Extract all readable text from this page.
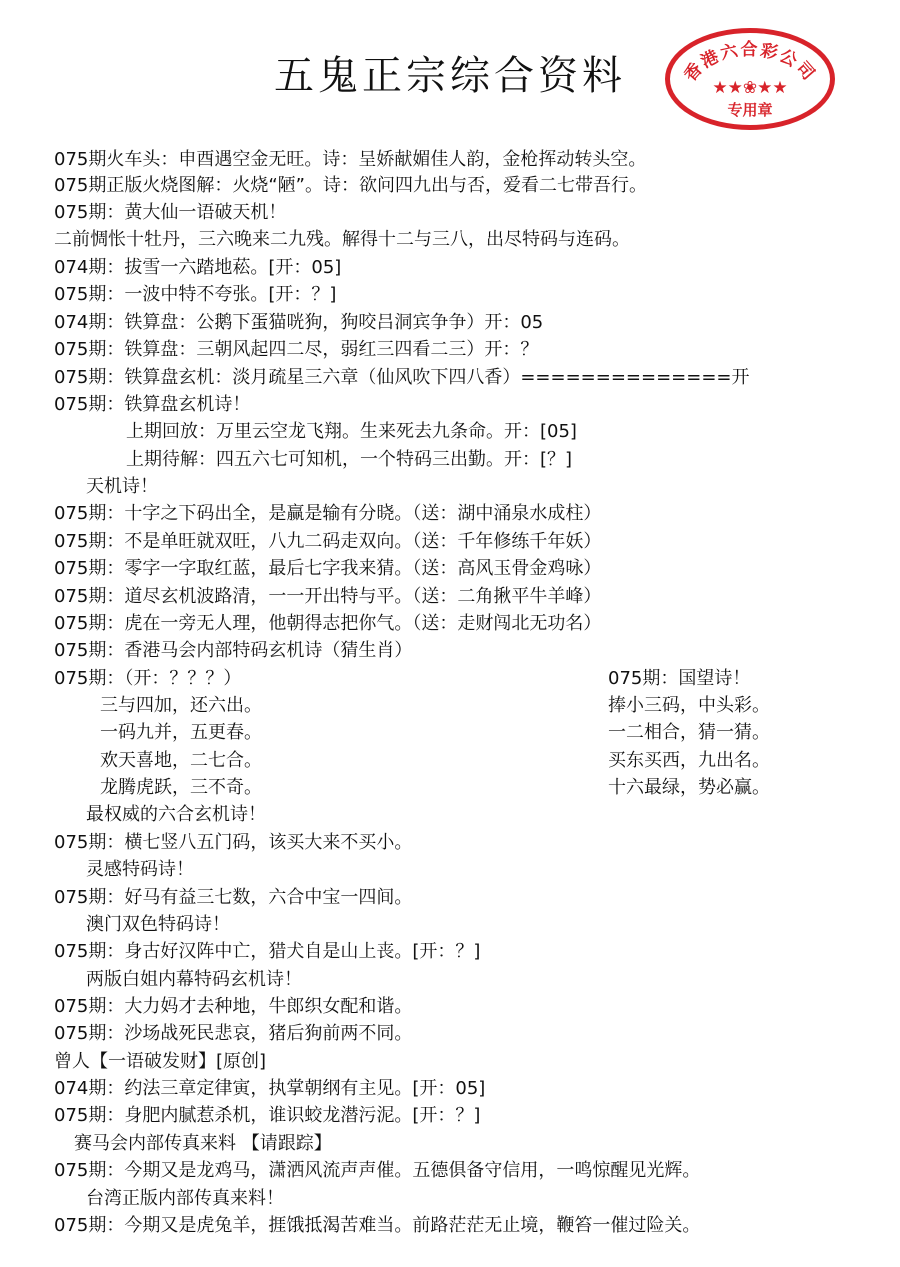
五鬼正宗综合资料	香港六合彩公司
★★❀★★
专用章
075期火车头：申酉遇空金无旺。诗：呈娇献媚佳人韵，金枪挥动转头空。
075期正版火烧图解：火烧“陋”。诗：欲问四九出与否，爱看二七带吾行。
075期：黄大仙一语破天机！
二前惆怅十牡丹，三六晚来二九残。解得十二与三八，出尽特码与连码。
074期：拔雪一六踏地菘。[开：05]
075期：一波中特不夸张。[开：？]
074期：铁算盘：公鹅下蛋猫咣狗，狗咬吕洞宾争争）开：05
075期：铁算盘：三朝风起四二尽，弱红三四看二三）开：？
075期：铁算盘玄机：淡月疏星三六章（仙风吹下四八香）==============开
075期：铁算盘玄机诗！
上期回放：万里云空龙飞翔。生来死去九条命。开：[05]
上期待解：四五六七可知机，一个特码三出勤。开：[？]
天机诗！
075期：十字之下码出全，是赢是输有分晓。（送：湖中涌泉水成柱）
075期：不是单旺就双旺，八九二码走双向。（送：千年修练千年妖）
075期：零字一字取红蓝，最后七字我来猜。（送：高风玉骨金鸡咏）
075期：道尽玄机波路清，一一开出特与平。（送：二角揪平牛羊峰）
075期：虎在一旁无人理，他朝得志把你气。（送：走财闯北无功名）
075期：香港马会内部特码玄机诗（猜生肖）
075期：（开：？？？）
三与四加，还六出。
一码九并，五更春。
欢天喜地，二七合。
龙腾虎跃，三不奇。
最权威的六合玄机诗！
075期：横七竖八五门码，该买大来不买小。
灵感特码诗！
075期：好马有益三七数，六合中宝一四间。
澳门双色特码诗！
075期：身古好汉阵中亡，猎犬自是山上丧。[开：？]
两版白姐内幕特码玄机诗！
075期：大力妈才去种地，牛郎织女配和谐。
075期：沙场战死民悲哀，猪后狗前两不同。
曾人【一语破发财】[原创]
074期：约法三章定律寅，执掌朝纲有主见。[开：05]
075期：身肥内腻惹杀机，谁识蛟龙潜污泥。[开：？]
赛马会内部传真来料 【请跟踪】
075期：今期又是龙鸡马，潇洒风流声声催。五德俱备守信用，一鸣惊醒见光辉。
台湾正版内部传真来料！
075期：今期又是虎兔羊，捱饿抵渴苦难当。前路茫茫无止境，鞭笞一催过险关。
075期：国望诗！
捧小三码，中头彩。
一二相合，猜一猜。
买东买西，九出名。
十六最绿，势必赢。
